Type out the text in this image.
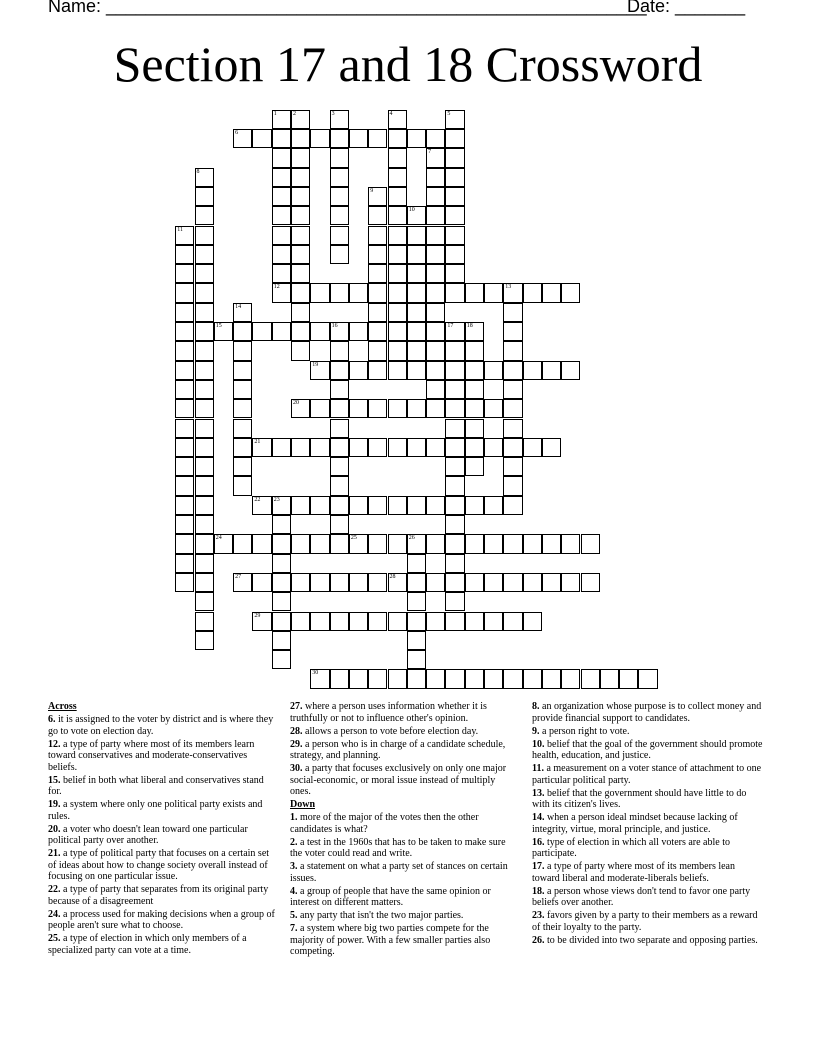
Name: ______________________________________________________
Date: _______
Section 17 and 18 Crossword
1	2	3	4	5
6
7
8
9
10
11
12	13
14
15	16	17 18
19
20
21
22 23
24	25	26
27	28
29
30
Across

6. it is assigned to the voter by district and is where they go to vote on election day.

12. a type of party where most of its members learn toward conservatives and moderate-conservatives beliefs.

15. belief in both what liberal and conservatives stand for.

19. a system where only one political party exists and rules.

20. a voter who doesn't lean toward one particular political party over another.

21. a type of political party that focuses on a certain set of ideas about how to change society overall instead of focusing on one particular issue.

22. a type of party that separates from its original party because of a disagreement

24. a process used for making decisions when a group of people aren't sure what to choose.

25. a type of election in which only members of a specialized party can vote at a time.

27. where a person uses information whether it is truthfully or not to influence other's opinion.

28. allows a person to vote before election day.

29. a person who is in charge of a candidate schedule, strategy, and planning.

30. a party that focuses exclusively on only one major social-economic, or moral issue instead of multiply ones.

Down

1. more of the major of the votes then the other candidates is what?

2. a test in the 1960s that has to be taken to make sure the voter could read and write.

3. a statement on what a party set of stances on certain issues.

4. a group of people that have the same opinion or interest on different matters.

5. any party that isn't the two major parties.

7. a system where big two parties compete for the majority of power. With a few smaller parties also competing.

8. an organization whose purpose is to collect money and provide financial support to candidates.

9. a person right to vote.

10. belief that the goal of the government should promote health, education, and justice.

11. a measurement on a voter stance of attachment to one particular political party.

13. belief that the government should have little to do with its citizen's lives.

14. when a person ideal mindset because lacking of integrity, virtue, moral principle, and justice.

16. type of election in which all voters are able to participate.

17. a type of party where most of its members lean toward liberal and moderate-liberals beliefs.

18. a person whose views don't tend to favor one party beliefs over another.

23. favors given by a party to their members as a reward of their loyalty to the party.

26. to be divided into two separate and opposing parties.
